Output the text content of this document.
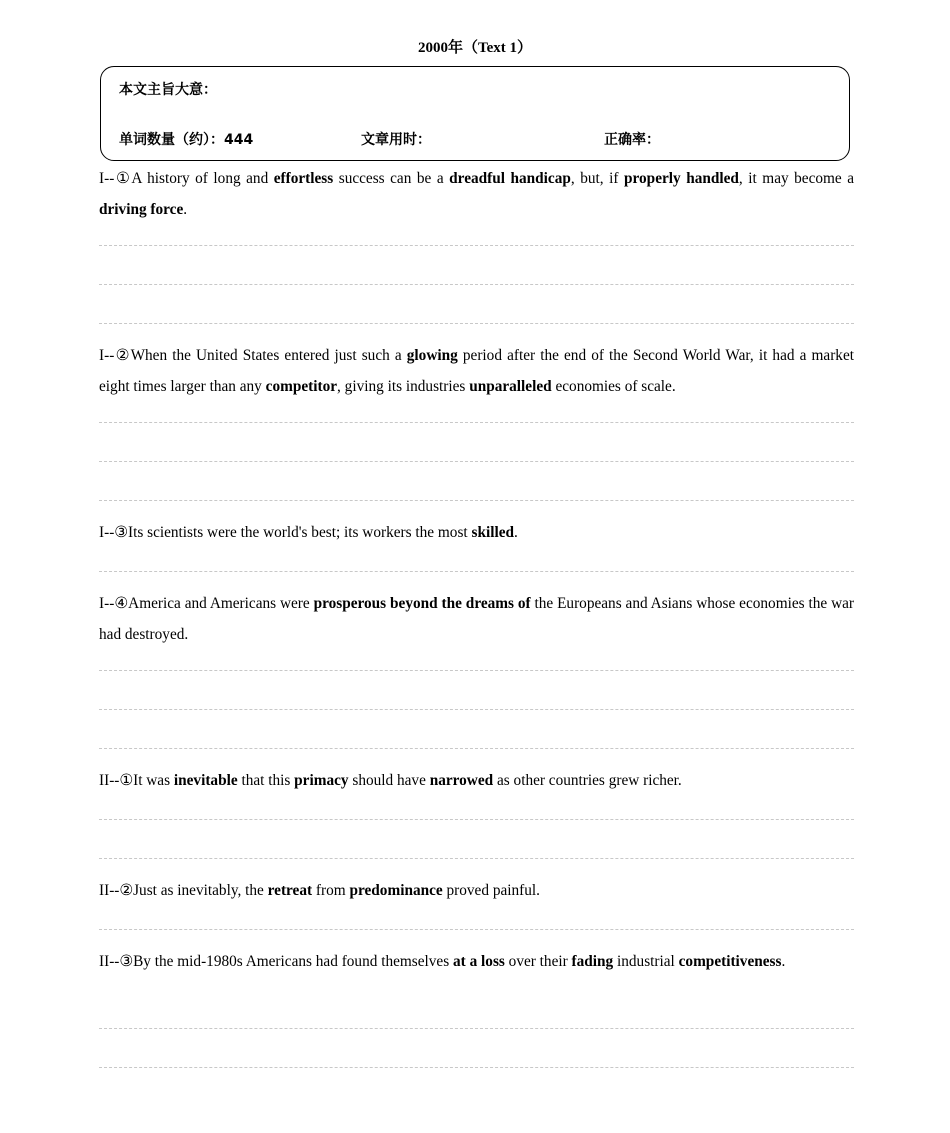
2000年（Text 1）
本文主旨大意：
单词数量（约）：444	文章用时：	正确率：
I--①A history of long and effortless success can be a dreadful handicap, but, if properly handled, it may become a driving force.
I--②When the United States entered just such a glowing period after the end of the Second World War, it had a market eight times larger than any competitor, giving its industries unparalleled economies of scale.
I--③Its scientists were the world's best; its workers the most skilled.
I--④America and Americans were prosperous beyond the dreams of the Europeans and Asians whose economies the war had destroyed.
II--①It was inevitable that this primacy should have narrowed as other countries grew richer.
II--②Just as inevitably, the retreat from predominance proved painful.
II--③By the mid-1980s Americans had found themselves at a loss over their fading industrial competitiveness.
